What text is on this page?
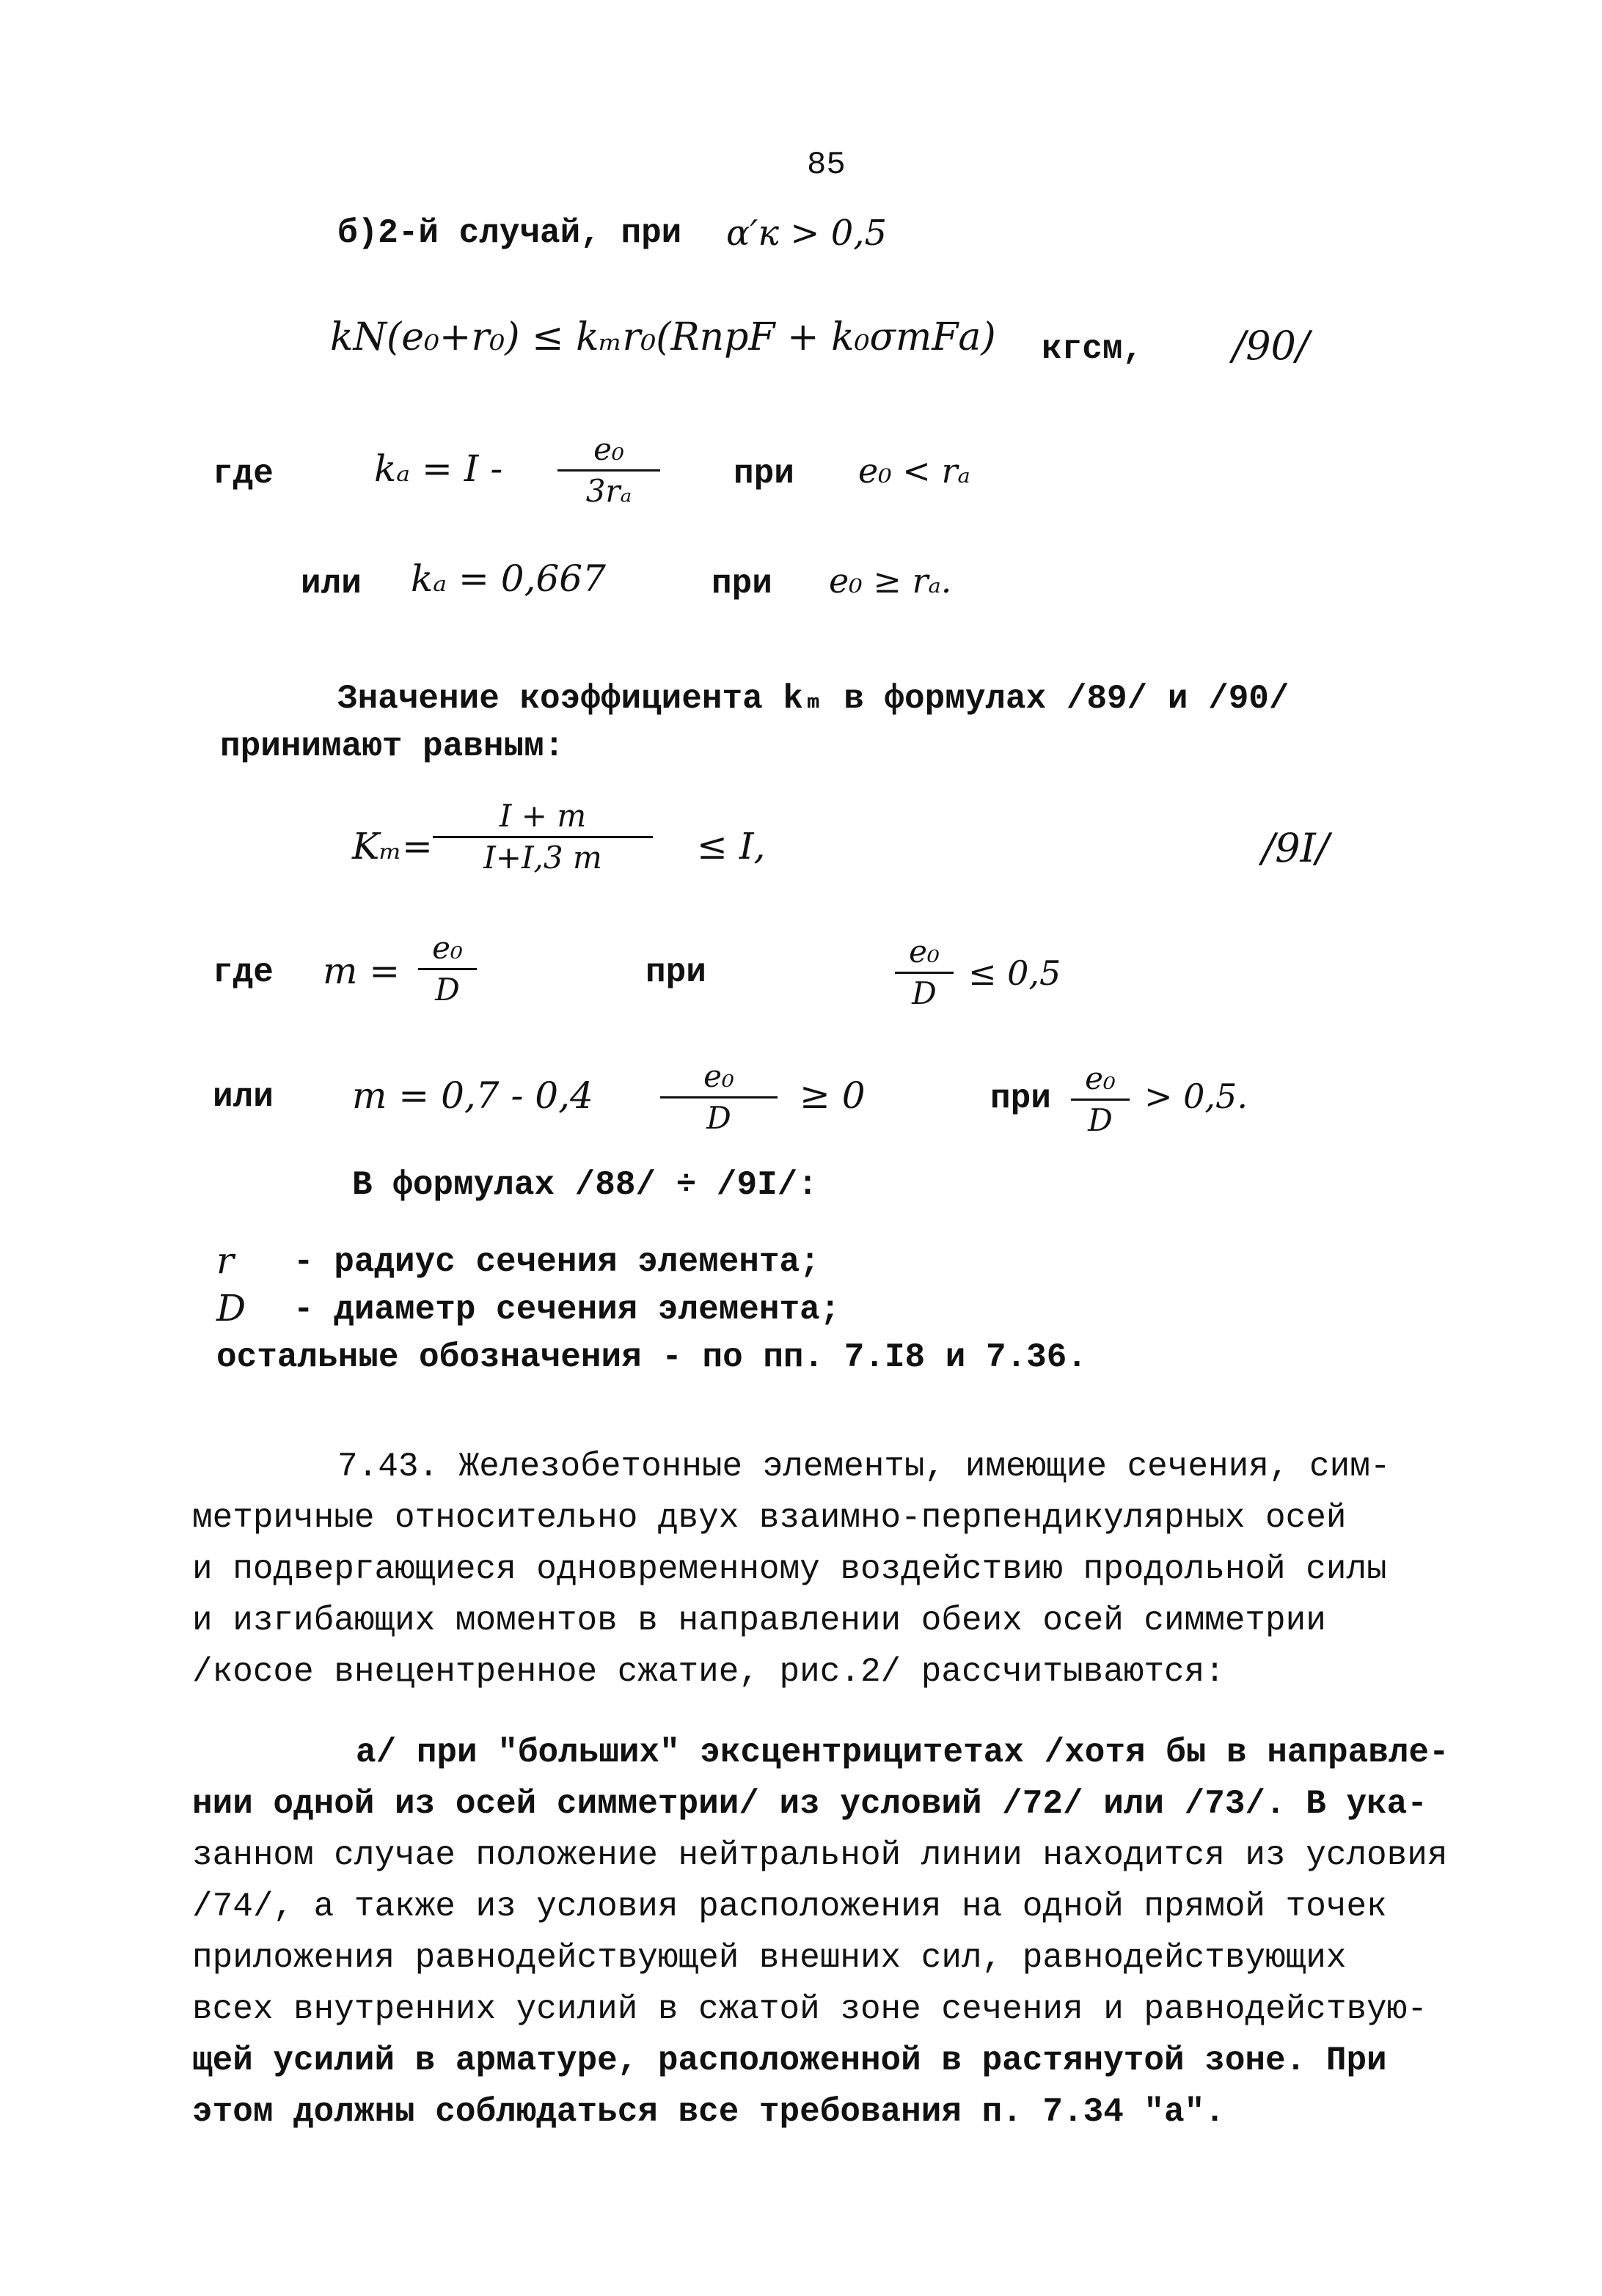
85
б)2-й случай, при α′к > 0,5
kN(e₀+r₀) ≤ kₘr₀(RпрF + k₀σтFа) кгсм, /90/
где	kₐ = I -	e₀
3rₐ	при e₀ < rₐ
или kₐ = 0,667	при e₀ ≥ rₐ.
Значение коэффициента kₘ в формулах /89/ и /90/
принимают равным:
Kₘ=
I + m
I+I,3 m	≤ I,	/9I/
где m =
e₀
D	при
e₀
D
≤ 0,5
или m = 0,7 - 0,4	e₀
D
≥ 0	при
e₀
D
> 0,5.
В формулах /88/ ÷ /9I/:
r - радиус сечения элемента;
D - диаметр сечения элемента;
остальные обозначения - по пп. 7.I8 и 7.36.
7.43. Железобетонные элементы, имеющие сечения, сим-
метричные относительно двух взаимно-перпендикулярных осей
и подвергающиеся одновременному воздействию продольной силы
и изгибающих моментов в направлении обеих осей симметрии
/косое внецентренное сжатие, рис.2/ рассчитываются:
а/ при "больших" эксцентрицитетах /хотя бы в направле-
нии одной из осей симметрии/ из условий /72/ или /73/. В ука-
занном случае положение нейтральной линии находится из условия
/74/, а также из условия расположения на одной прямой точек
приложения равнодействующей внешних сил, равнодействующих
всех внутренних усилий в сжатой зоне сечения и равнодействую-
щей усилий в арматуре, расположенной в растянутой зоне. При
этом должны соблюдаться все требования п. 7.34 "а".
